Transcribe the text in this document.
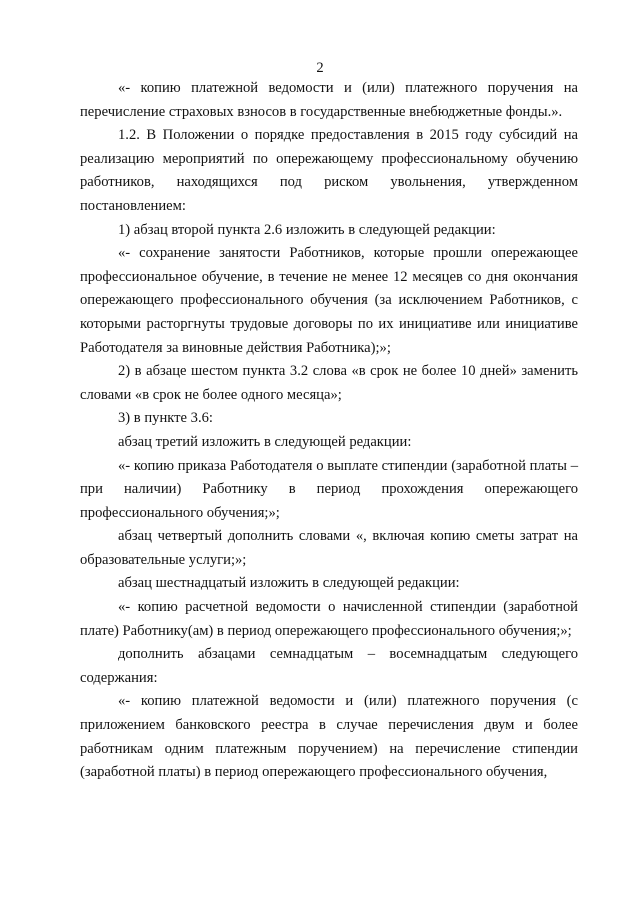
2

«- копию платежной ведомости и (или) платежного поручения на перечисление страховых взносов в государственные внебюджетные фонды.».

1.2. В Положении о порядке предоставления в 2015 году субсидий на реализацию мероприятий по опережающему профессиональному обучению работников, находящихся под риском увольнения, утвержденном постановлением:

1) абзац второй пункта 2.6 изложить в следующей редакции:

«- сохранение занятости Работников, которые прошли опережающее профессиональное обучение, в течение не менее 12 месяцев со дня окончания опережающего профессионального обучения (за исключением Работников, с которыми расторгнуты трудовые договоры по их инициативе или инициативе Работодателя за виновные действия Работника);»;

2) в абзаце шестом пункта 3.2 слова «в срок не более 10 дней» заменить словами «в срок не более одного месяца»;

3) в пункте 3.6:

абзац третий изложить в следующей редакции:

«- копию приказа Работодателя о выплате стипендии (заработной платы – при наличии) Работнику в период прохождения опережающего профессионального обучения;»;

абзац четвертый дополнить словами «, включая копию сметы затрат на образовательные услуги;»;

абзац шестнадцатый изложить в следующей редакции:

«- копию расчетной ведомости о начисленной стипендии (заработной плате) Работнику(ам) в период опережающего профессионального обучения;»;

дополнить абзацами семнадцатым – восемнадцатым следующего содержания:

«- копию платежной ведомости и (или) платежного поручения (с приложением банковского реестра в случае перечисления двум и более работникам одним платежным поручением) на перечисление стипендии (заработной платы) в период опережающего профессионального обучения,
